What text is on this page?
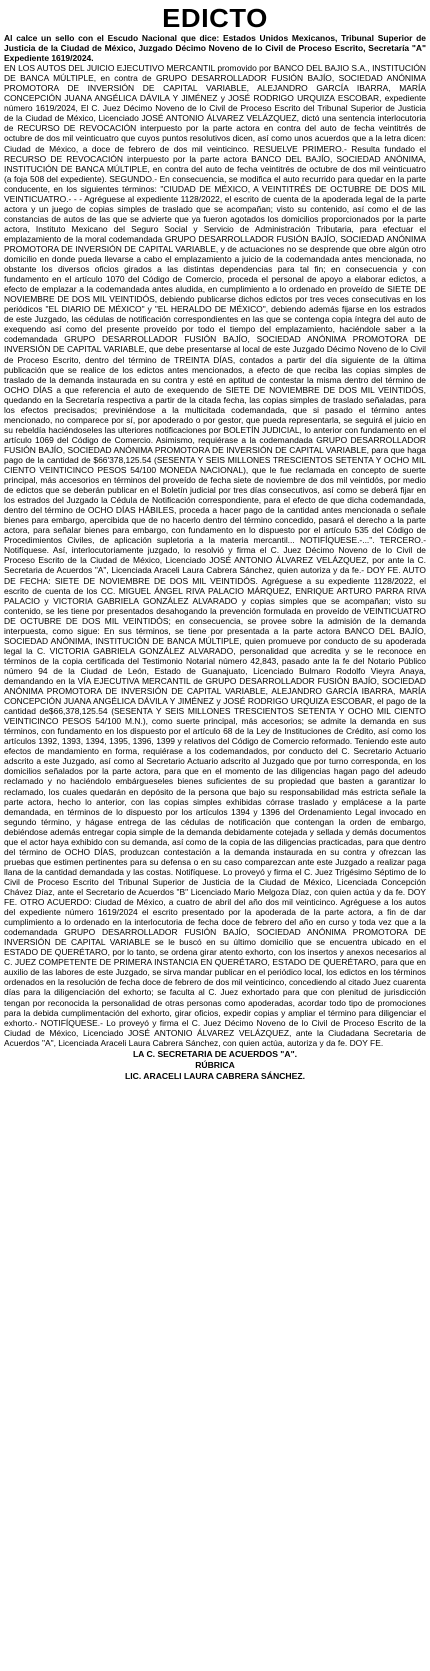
EDICTO

Al calce un sello con el Escudo Nacional que dice: Estados Unidos Mexicanos, Tribunal Superior de Justicia de la Ciudad de México, Juzgado Décimo Noveno de lo Civil de Proceso Escrito, Secretaría "A" Expediente 1619/2024.

EN LOS AUTOS DEL JUICIO EJECUTIVO MERCANTIL promovido por BANCO DEL BAJIO S.A., INSTITUCIÓN DE BANCA MÚLTIPLE, en contra de GRUPO DESARROLLADOR FUSIÓN BAJÍO, SOCIEDAD ANÓNIMA PROMOTORA DE INVERSIÓN DE CAPITAL VARIABLE, ALEJANDRO GARCÍA IBARRA, MARÍA CONCEPCIÓN JUANA ANGÉLICA DÁVILA Y JIMÉNEZ y JOSÉ RODRIGO URQUIZA ESCOBAR, expediente número 1619/2024, El C. Juez Décimo Noveno de lo Civil de Proceso Escrito del Tribunal Superior de Justicia de la Ciudad de México, Licenciado JOSÉ ANTONIO ÁLVAREZ VELÁZQUEZ, dictó una sentencia interlocutoria de RECURSO DE REVOCACIÓN interpuesto por la parte actora en contra del auto de fecha veintitrés de octubre de dos mil veinticuatro que cuyos puntos resolutivos dicen, así como unos acuerdos que a la letra dicen: Ciudad de México, a doce de febrero de dos mil veinticinco. RESUELVE PRIMERO.- Resulta fundado el RECURSO DE REVOCACIÓN interpuesto por la parte actora BANCO DEL BAJÍO, SOCIEDAD ANÓNIMA, INSTITUCIÓN DE BANCA MÚLTIPLE, en contra del auto de fecha veintitrés de octubre de dos mil veinticuatro (a foja 508 del expediente). SEGUNDO.- En consecuencia, se modifica el auto recurrido para quedar en la parte conducente, en los siguientes términos: "CIUDAD DE MÉXICO, A VEINTITRÉS DE OCTUBRE DE DOS MIL VEINTICUATRO.- - - Agréguese al expediente 1128/2022, el escrito de cuenta de la apoderada legal de la parte actora y un juego de copias simples de traslado que se acompañan; visto su contenido, así como el de las constancias de autos de las que se advierte que ya fueron agotados los domicilios proporcionados por la parte actora, Instituto Mexicano del Seguro Social y Servicio de Administración Tributaria, para efectuar el emplazamiento de la moral codemandada GRUPO DESARROLLADOR FUSIÓN BAJÍO, SOCIEDAD ANÓNIMA PROMOTORA DE INVERSIÓN DE CAPITAL VARIABLE, y de actuaciones no se desprende que obre algún otro domicilio en donde pueda llevarse a cabo el emplazamiento a juicio de la codemandada antes mencionada, no obstante los diversos oficios girados a las distintas dependencias para tal fin; en consecuencia y con fundamento en el artículo 1070 del Código de Comercio, proceda el personal de apoyo a elaborar edictos, a efecto de emplazar a la codemandada antes aludida, en cumplimiento a lo ordenado en proveído de SIETE DE NOVIEMBRE DE DOS MIL VEINTIDÓS, debiendo publicarse dichos edictos por tres veces consecutivas en los periódicos "EL DIARIO DE MÉXICO" y "EL HERALDO DE MÉXICO", debiendo además fijarse en los estrados de este Juzgado, las cédulas de notificación correspondientes en las que se contenga copia íntegra del auto de exequendo así como del presente proveído por todo el tiempo del emplazamiento, haciéndole saber a la codemandada GRUPO DESARROLLADOR FUSIÓN BAJÍO, SOCIEDAD ANÓNIMA PROMOTORA DE INVERSIÓN DE CAPITAL VARIABLE, que debe presentarse al local de este Juzgado Décimo Noveno de lo Civil de Proceso Escrito, dentro del término de TREINTA DÍAS, contados a partir del día siguiente de la última publicación que se realice de los edictos antes mencionados, a efecto de que reciba las copias simples de traslado de la demanda instaurada en su contra y esté en aptitud de contestar la misma dentro del término de OCHO DÍAS a que referencia el auto de exequendo de SIETE DE NOVIEMBRE DE DOS MIL VEINTIDÓS, quedando en la Secretaría respectiva a partir de la citada fecha, las copias simples de traslado señaladas, para los efectos precisados; previniéndose a la multicitada codemandada, que si pasado el término antes mencionado, no comparece por sí, por apoderado o por gestor, que pueda representarla, se seguirá el juicio en su rebeldía haciéndoseles las ulteriores notificaciones por BOLETÍN JUDICIAL, lo anterior con fundamento en el artículo 1069 del Código de Comercio. Asimismo, requiérase a la codemandada GRUPO DESARROLLADOR FUSIÓN BAJÍO, SOCIEDAD ANÓNIMA PROMOTORA DE INVERSIÓN DE CAPITAL VARIABLE, para que haga pago de la cantidad de $66'378,125.54 (SESENTA Y SEIS MILLONES TRESCIENTOS SETENTA Y OCHO MIL CIENTO VEINTICINCO PESOS 54/100 MONEDA NACIONAL), que le fue reclamada en concepto de suerte principal, más accesorios en términos del proveído de fecha siete de noviembre de dos mil veintidós, por medio de edictos que se deberán publicar en el Boletín judicial por tres días consecutivos, así como se deberá fijar en los estrados del Juzgado la Cédula de Notificación correspondiente, para el efecto de que dicha codemandada, dentro del término de OCHO DÍAS HÁBILES, proceda a hacer pago de la cantidad antes mencionada o señale bienes para embargo, apercibida que de no hacerlo dentro del término concedido, pasará el derecho a la parte actora, para señalar bienes para embargo, con fundamento en lo dispuesto por el artículo 535 del Código de Procedimientos Civiles, de aplicación supletoria a la materia mercantil... NOTIFÍQUESE.-...". TERCERO.- Notifíquese. Así, interlocutoriamente juzgado, lo resolvió y firma el C. Juez Décimo Noveno de lo Civil de Proceso Escrito de la Ciudad de México, Licenciado JOSÉ ANTONIO ÁLVAREZ VELÁZQUEZ, por ante la C. Secretaria de Acuerdos "A", Licenciada Araceli Laura Cabrera Sánchez, quien autoriza y da fe.- DOY FE. AUTO DE FECHA: SIETE DE NOVIEMBRE DE DOS MIL VEINTIDÓS. Agréguese a su expediente 1128/2022, el escrito de cuenta de los CC. MIGUEL ÁNGEL RIVA PALACIO MÁRQUEZ, ENRIQUE ARTURO PARRA RIVA PALACIO y VICTORIA GABRIELA GONZÁLEZ ALVARADO y copias simples que se acompañan; visto su contenido, se les tiene por presentados desahogando la prevención formulada en proveído de VEINTICUATRO DE OCTUBRE DE DOS MIL VEINTIDÓS; en consecuencia, se provee sobre la admisión de la demanda interpuesta, como sigue: En sus términos, se tiene por presentada a la parte actora BANCO DEL BAJÍO, SOCIEDAD ANÓNIMA, INSTITUCIÓN DE BANCA MÚLTIPLE, quien promueve por conducto de su apoderada legal la C. VICTORIA GABRIELA GONZÁLEZ ALVARADO, personalidad que acredita y se le reconoce en términos de la copia certificada del Testimonio Notarial número 42,843, pasado ante la fe del Notario Público número 94 de la Ciudad de León, Estado de Guanajuato, Licenciado Bulmaro Rodolfo Vieyra Anaya, demandando en la VÍA EJECUTIVA MERCANTIL de GRUPO DESARROLLADOR FUSIÓN BAJÍO, SOCIEDAD ANÓNIMA PROMOTORA DE INVERSIÓN DE CAPITAL VARIABLE, ALEJANDRO GARCÍA IBARRA, MARÍA CONCEPCIÓN JUANA ANGÉLICA DÁVILA Y JIMÉNEZ y JOSÉ RODRIGO URQUIZA ESCOBAR, el pago de la cantidad de$66,378,125.54 (SESENTA Y SEIS MILLONES TRESCIENTOS SETENTA Y OCHO MIL CIENTO VEINTICINCO PESOS 54/100 M.N.), como suerte principal, más accesorios; se admite la demanda en sus términos, con fundamento en los dispuesto por el artículo 68 de la Ley de Instituciones de Crédito, así como los artículos 1392, 1393, 1394, 1395, 1396, 1399 y relativos del Código de Comercio reformado. Teniendo este auto efectos de mandamiento en forma, requiérase a los codemandados, por conducto del C. Secretario Actuario adscrito a este Juzgado, así como al Secretario Actuario adscrito al Juzgado que por turno corresponda, en los domicilios señalados por la parte actora, para que en el momento de las diligencias hagan pago del adeudo reclamado y no haciéndolo embárgueseles bienes suficientes de su propiedad que basten a garantizar lo reclamado, los cuales quedarán en depósito de la persona que bajo su responsabilidad más estricta señale la parte actora, hecho lo anterior, con las copias simples exhibidas córrase traslado y emplácese a la parte demandada, en términos de lo dispuesto por los artículos 1394 y 1396 del Ordenamiento Legal invocado en segundo término, y hágase entrega de las cédulas de notificación que contengan la orden de embargo, debiéndose además entregar copia simple de la demanda debidamente cotejada y sellada y demás documentos que el actor haya exhibido con su demanda, así como de la copia de las diligencias practicadas, para que dentro del término de OCHO DÍAS, produzcan contestación a la demanda instaurada en su contra y ofrezcan las pruebas que estimen pertinentes para su defensa o en su caso comparezcan ante este Juzgado a realizar paga llana de la cantidad demandada y las costas. Notifíquese. Lo proveyó y firma el C. Juez Trigésimo Séptimo de lo Civil de Proceso Escrito del Tribunal Superior de Justicia de la Ciudad de México, Licenciada Concepción Chávez Díaz, ante el Secretario de Acuerdos "B" Licenciado Mario Melgoza Díaz, con quien actúa y da fe. DOY FE. OTRO ACUERDO: Ciudad de México, a cuatro de abril del año dos mil veinticinco. Agréguese a los autos del expediente número 1619/2024 el escrito presentado por la apoderada de la parte actora, a fin de dar cumplimiento a lo ordenado en la interlocutoria de fecha doce de febrero del año en curso y toda vez que a la codemandada GRUPO DESARROLLADOR FUSIÓN BAJÍO, SOCIEDAD ANÓNIMA PROMOTORA DE INVERSIÓN DE CAPITAL VARIABLE se le buscó en su último domicilio que se encuentra ubicado en el ESTADO DE QUERÉTARO, por lo tanto, se ordena girar atento exhorto, con los insertos y anexos necesarios al C. JUEZ COMPETENTE DE PRIMERA INSTANCIA EN QUERÉTARO, ESTADO DE QUERÉTARO, para que en auxilio de las labores de este Juzgado, se sirva mandar publicar en el periódico local, los edictos en los términos ordenados en la resolución de fecha doce de febrero de dos mil veinticinco, concediendo al citado Juez cuarenta días para la diligenciación del exhorto; se faculta al C. Juez exhortado para que con plenitud de jurisdicción tengan por reconocida la personalidad de otras personas como apoderadas, acordar todo tipo de promociones para la debida cumplimentación del exhorto, girar oficios, expedir copias y ampliar el término para diligenciar el exhorto.- NOTIFÍQUESE.- Lo proveyó y firma el C. Juez Décimo Noveno de lo Civil de Proceso Escrito de la Ciudad de México, Licenciado JOSÉ ANTONIO ÁLVAREZ VELÁZQUEZ, ante la Ciudadana Secretaria de Acuerdos "A", Licenciada Araceli Laura Cabrera Sánchez, con quien actúa, autoriza y da fe. DOY FE.

LA C. SECRETARIA DE ACUERDOS "A".
RÚBRICA
LIC. ARACELI LAURA CABRERA SÁNCHEZ.
